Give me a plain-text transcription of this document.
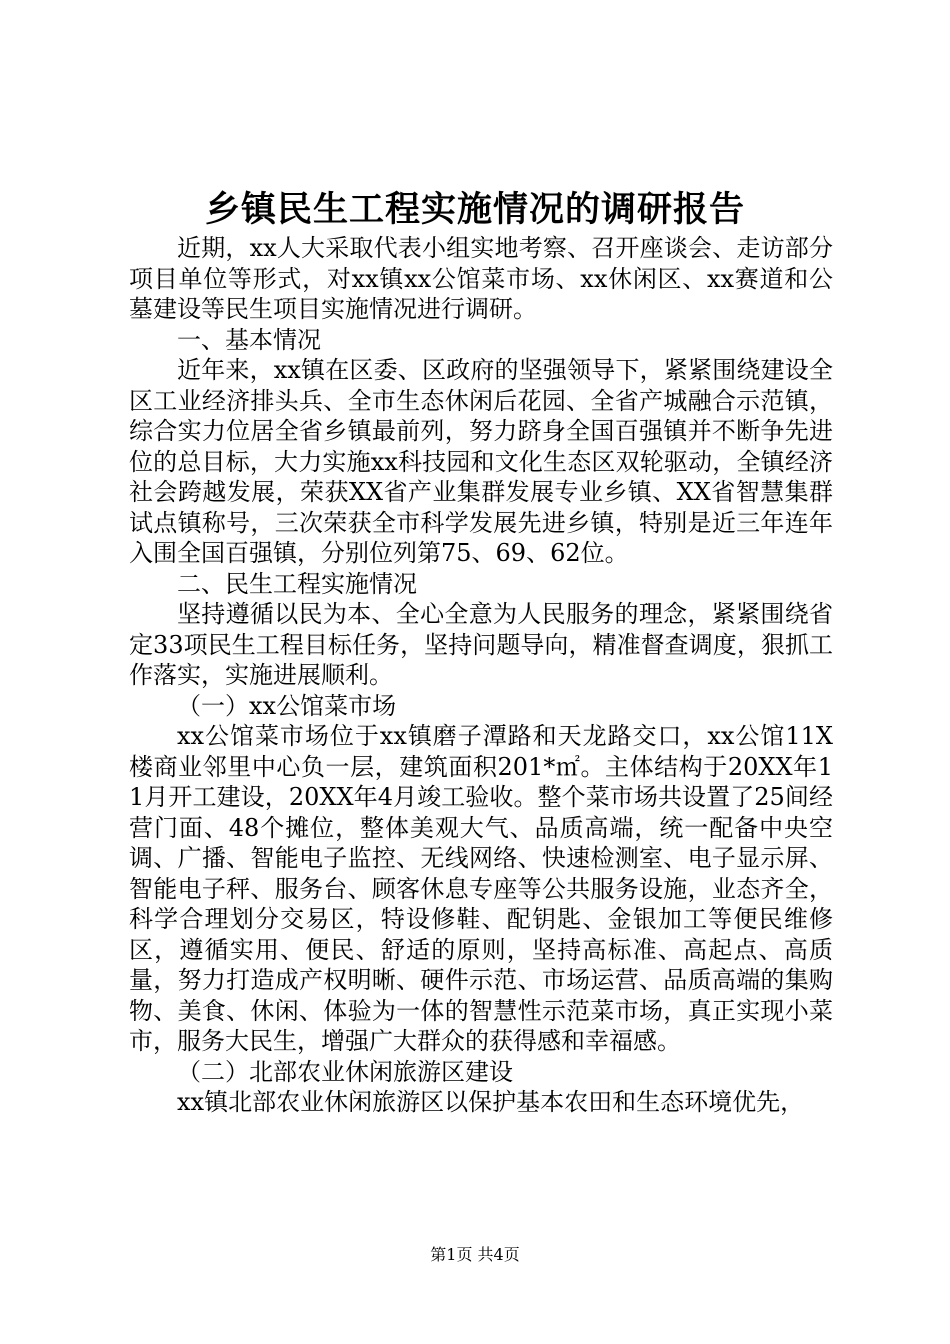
乡镇民生工程实施情况的调研报告

近期，xx人大采取代表小组实地考察、召开座谈会、走访部分项目单位等形式，对xx镇xx公馆菜市场、xx休闲区、xx赛道和公墓建设等民生项目实施情况进行调研。

一、基本情况

近年来，xx镇在区委、区政府的坚强领导下，紧紧围绕建设全区工业经济排头兵、全市生态休闲后花园、全省产城融合示范镇，综合实力位居全省乡镇最前列，努力跻身全国百强镇并不断争先进位的总目标，大力实施xx科技园和文化生态区双轮驱动，全镇经济社会跨越发展，荣获XX省产业集群发展专业乡镇、XX省智慧集群试点镇称号，三次荣获全市科学发展先进乡镇，特别是近三年连年入围全国百强镇，分别位列第75、69、62位。

二、民生工程实施情况

坚持遵循以民为本、全心全意为人民服务的理念，紧紧围绕省定33项民生工程目标任务，坚持问题导向，精准督查调度，狠抓工作落实，实施进展顺利。

（一）xx公馆菜市场

xx公馆菜市场位于xx镇磨子潭路和天龙路交口，xx公馆11X楼商业邻里中心负一层，建筑面积201*㎡。主体结构于20XX年11月开工建设，20XX年4月竣工验收。整个菜市场共设置了25间经营门面、48个摊位，整体美观大气、品质高端，统一配备中央空调、广播、智能电子监控、无线网络、快速检测室、电子显示屏、智能电子秤、服务台、顾客休息专座等公共服务设施，业态齐全，科学合理划分交易区，特设修鞋、配钥匙、金银加工等便民维修区，遵循实用、便民、舒适的原则，坚持高标准、高起点、高质量，努力打造成产权明晰、硬件示范、市场运营、品质高端的集购物、美食、休闲、体验为一体的智慧性示范菜市场，真正实现小菜市，服务大民生，增强广大群众的获得感和幸福感。

（二）北部农业休闲旅游区建设

xx镇北部农业休闲旅游区以保护基本农田和生态环境优先，

第1页 共4页
